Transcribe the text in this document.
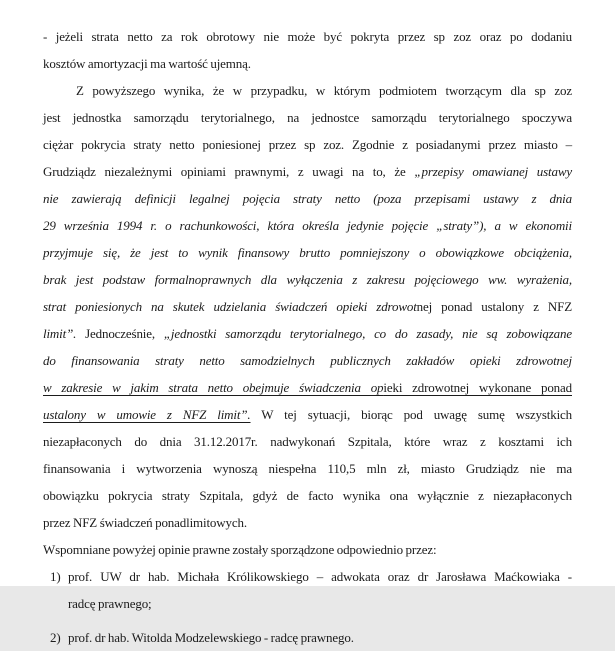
- jeżeli strata netto za rok obrotowy nie może być pokryta przez sp zoz oraz po dodaniu
kosztów amortyzacji ma wartość ujemną.
Z powyższego wynika, że w przypadku, w którym podmiotem tworzącym dla sp zoz
jest jednostka samorządu terytorialnego, na jednostce samorządu terytorialnego spoczywa
ciężar pokrycia straty netto poniesionej przez sp zoz. Zgodnie z posiadanymi przez miasto –
Grudziądz niezależnymi opiniami prawnymi, z uwagi na to, że „przepisy omawianej ustawy
nie zawierają definicji legalnej pojęcia straty netto (poza przepisami ustawy z dnia
29 września 1994 r. o rachunkowości, która określa jedynie pojęcie „straty”), a w ekonomii
przyjmuje się, że jest to wynik finansowy brutto pomniejszony o obowiązkowe obciążenia,
brak jest podstaw formalnoprawnych dla wyłączenia z zakresu pojęciowego ww. wyrażenia,
strat poniesionych na skutek udzielania świadczeń opieki zdrowotnej ponad ustalony z NFZ
limit”. Jednocześnie, „jednostki samorządu terytorialnego, co do zasady, nie są zobowiązane
do finansowania straty netto samodzielnych publicznych zakładów opieki zdrowotnej
w zakresie w jakim strata netto obejmuje świadczenia opieki zdrowotnej wykonane ponad
ustalony w umowie z NFZ limit”. W tej sytuacji, biorąc pod uwagę sumę wszystkich
niezapłaconych do dnia 31.12.2017r. nadwykonań Szpitala, które wraz z kosztami ich
finansowania i wytworzenia wynoszą niespełna 110,5 mln zł, miasto Grudziądz nie ma
obowiązku pokrycia straty Szpitala, gdyż de facto wynika ona wyłącznie z niezapłaconych
przez NFZ świadczeń ponadlimitowych.
Wspomniane powyżej opinie prawne zostały sporządzone odpowiednio przez:
1) prof. UW dr hab. Michała Królikowskiego – adwokata oraz dr Jarosława Maćkowiaka -
radcę prawnego;
2) prof. dr hab. Witolda Modzelewskiego - radcę prawnego.
